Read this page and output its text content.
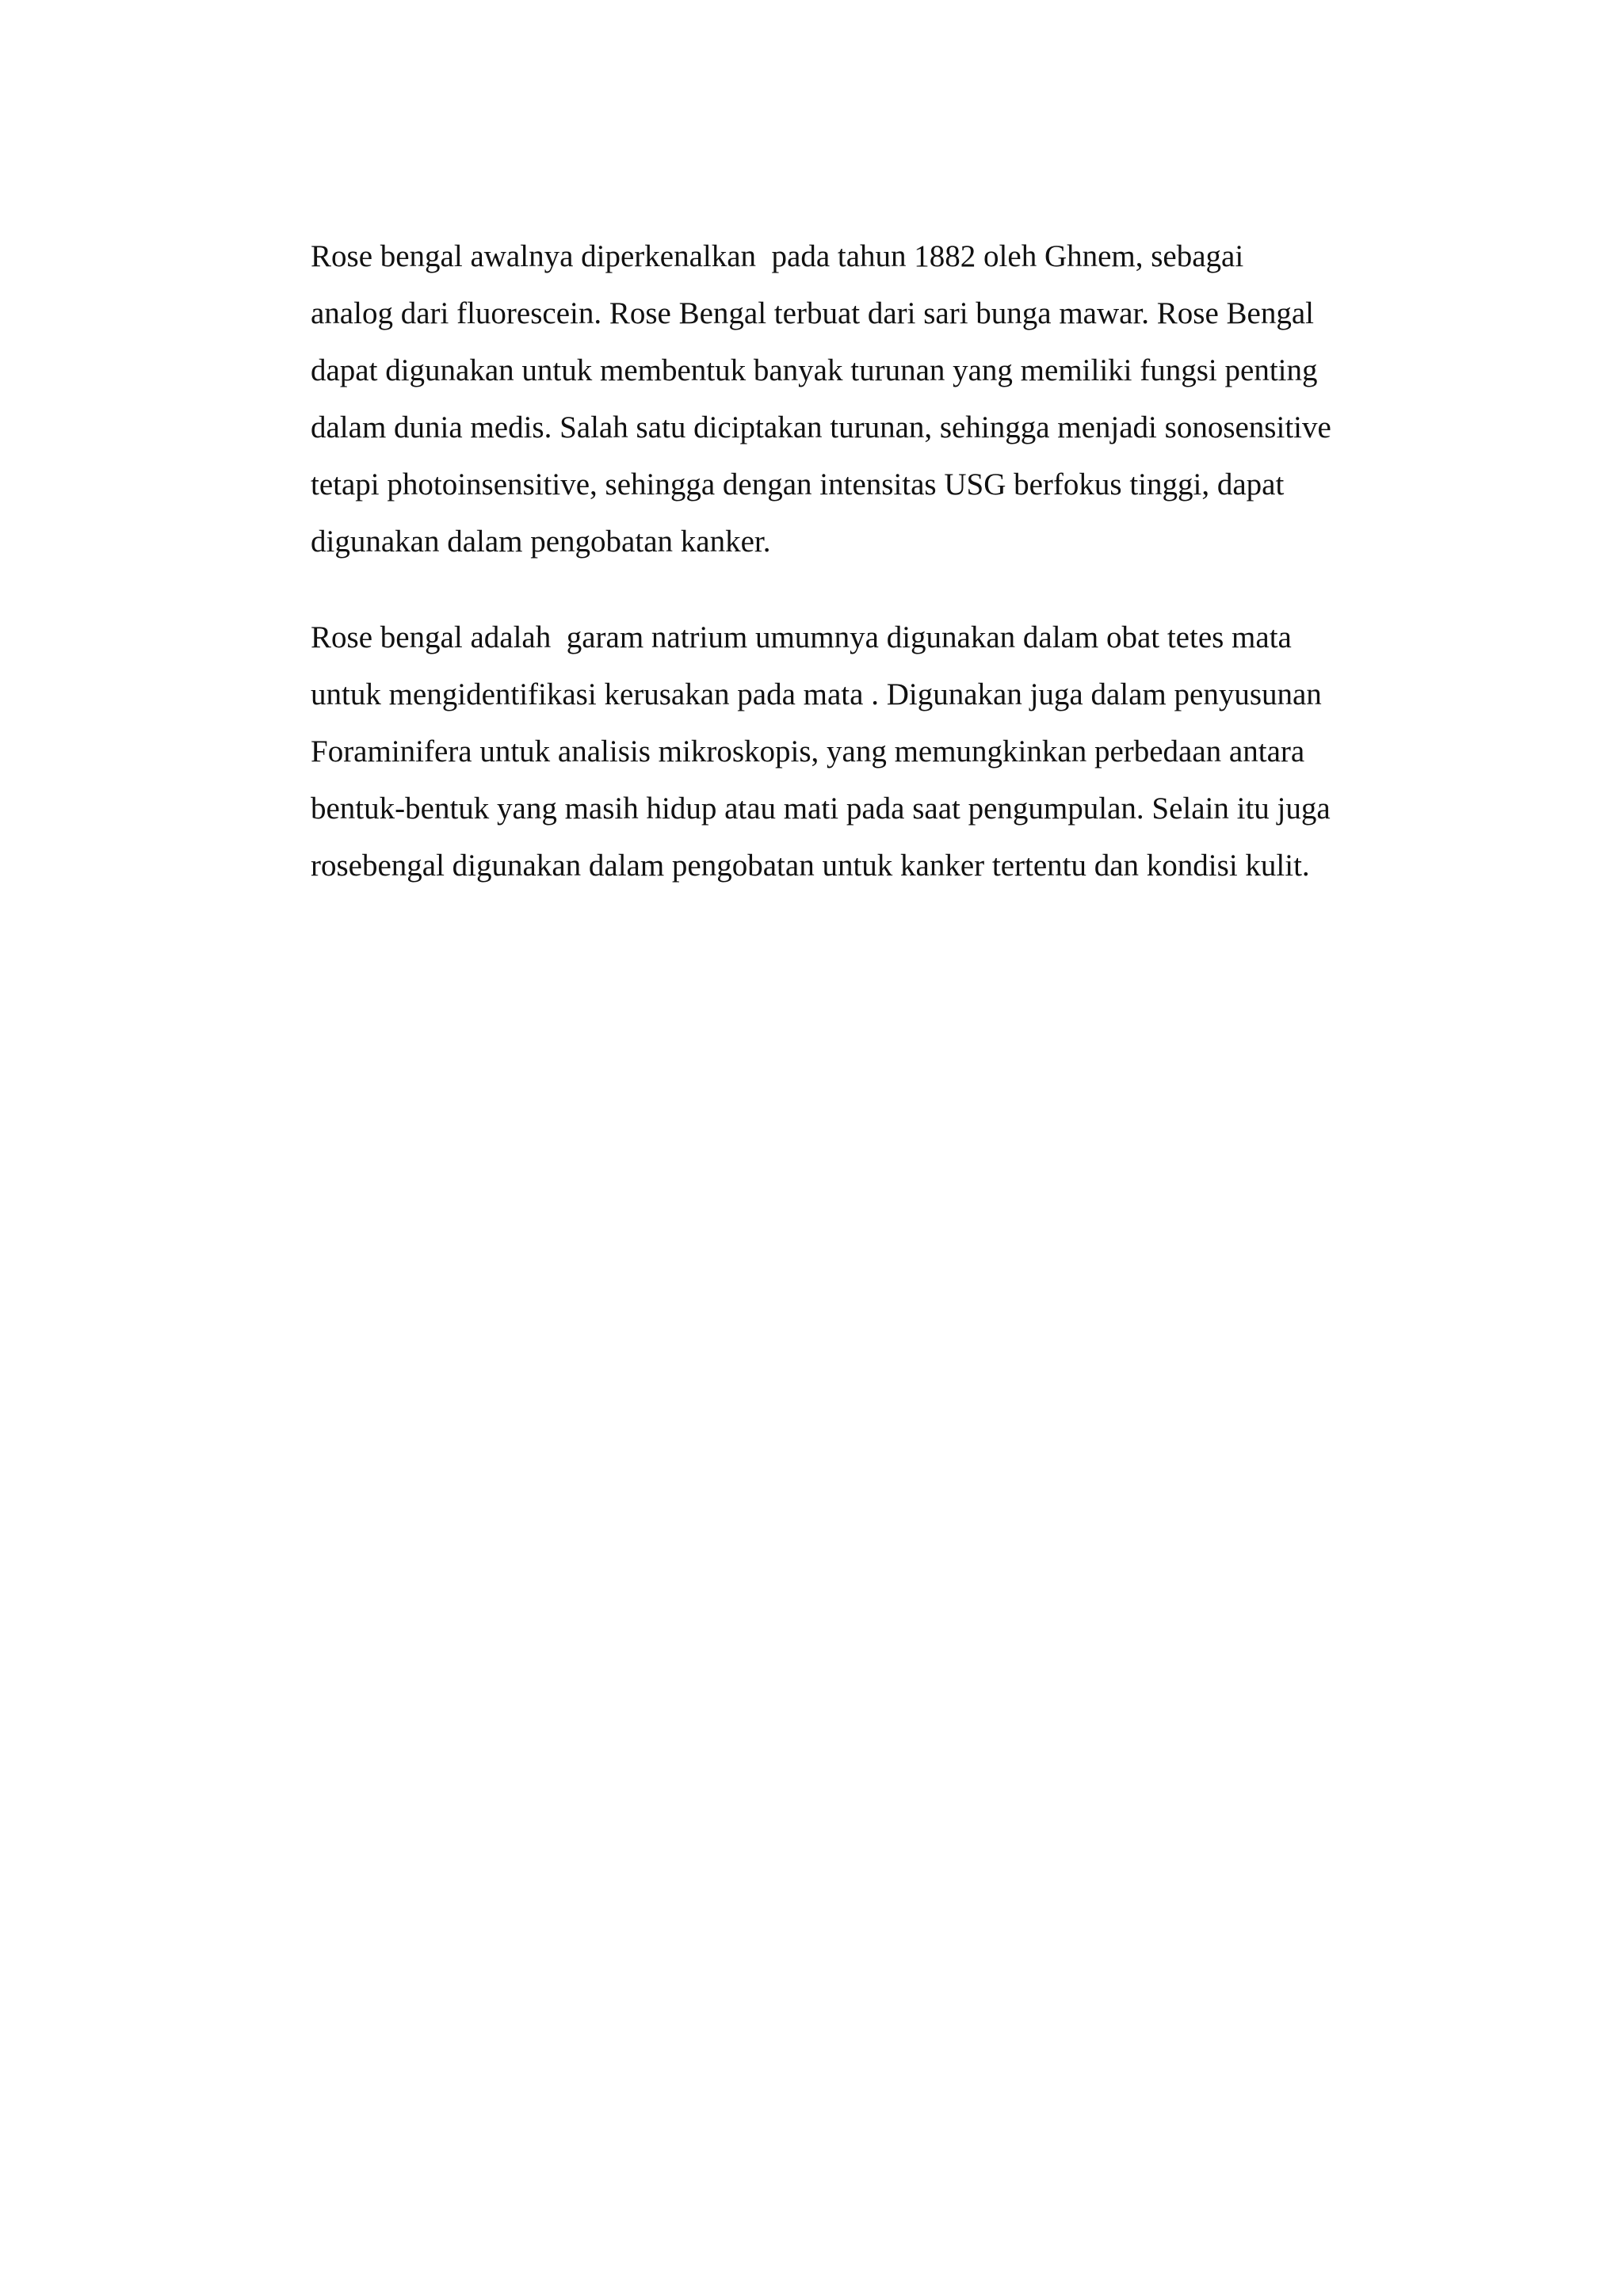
Rose bengal awalnya diperkenalkan  pada tahun 1882 oleh Ghnem, sebagai
analog dari fluorescein. Rose Bengal terbuat dari sari bunga mawar. Rose Bengal
dapat digunakan untuk membentuk banyak turunan yang memiliki fungsi penting
dalam dunia medis. Salah satu diciptakan turunan, sehingga menjadi sonosensitive
tetapi photoinsensitive, sehingga dengan intensitas USG berfokus tinggi, dapat
digunakan dalam pengobatan kanker.
Rose bengal adalah  garam natrium umumnya digunakan dalam obat tetes mata
untuk mengidentifikasi kerusakan pada mata . Digunakan juga dalam penyusunan
Foraminifera untuk analisis mikroskopis, yang memungkinkan perbedaan antara
bentuk-bentuk yang masih hidup atau mati pada saat pengumpulan. Selain itu juga
rosebengal digunakan dalam pengobatan untuk kanker tertentu dan kondisi kulit.
